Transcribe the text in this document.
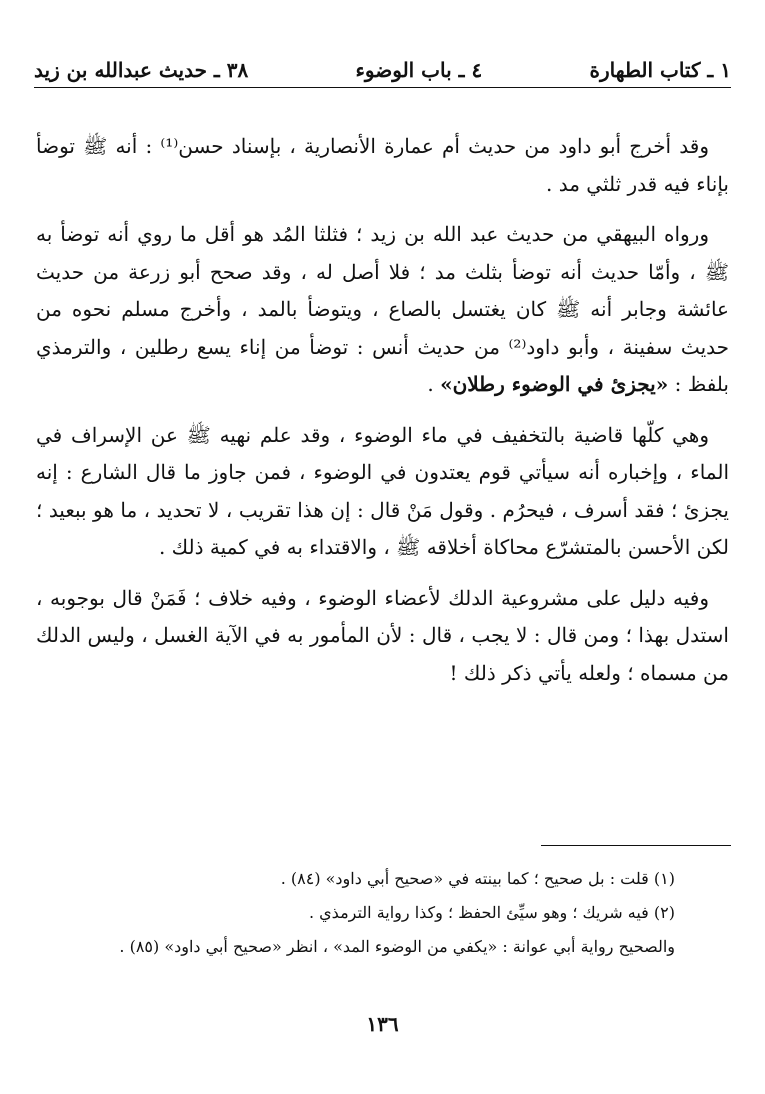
١ ـ كتاب الطهارة
٤ ـ باب الوضوء
٣٨ ـ حديث عبدالله بن زيد

وقد أخرج أبو داود من حديث أم عمارة الأنصارية ، بإسناد حسن⁽¹⁾ : أنه ﷺ توضأ بإناء فيه قدر ثلثي مد .

ورواه البيهقي من حديث عبد الله بن زيد ؛ فثلثا المُد هو أقل ما روي أنه توضأ به ﷺ ، وأمّا حديث أنه توضأ بثلث مد ؛ فلا أصل له ، وقد صحح أبو زرعة من حديث عائشة وجابر أنه ﷺ كان يغتسل بالصاع ، ويتوضأ بالمد ، وأخرج مسلم نحوه من حديث سفينة ، وأبو داود⁽²⁾ من حديث أنس : توضأ من إناء يسع رطلين ، والترمذي بلفظ : «يجزئ في الوضوء رطلان» .

وهي كلّها قاضية بالتخفيف في ماء الوضوء ، وقد علم نهيه ﷺ عن الإسراف في الماء ، وإخباره أنه سيأتي قوم يعتدون في الوضوء ، فمن جاوز ما قال الشارع : إنه يجزئ ؛ فقد أسرف ، فيحرُم . وقول مَنْ قال : إن هذا تقريب ، لا تحديد ، ما هو ببعيد ؛ لكن الأحسن بالمتشرّع محاكاة أخلاقه ﷺ ، والاقتداء به في كمية ذلك .

وفيه دليل على مشروعية الدلك لأعضاء الوضوء ، وفيه خلاف ؛ فَمَنْ قال بوجوبه ، استدل بهذا ؛ ومن قال : لا يجب ، قال : لأن المأمور به في الآية الغسل ، وليس الدلك من مسماه ؛ ولعله يأتي ذكر ذلك !

(١) قلت : بل صحيح ؛ كما بينته في «صحيح أبي داود» (٨٤) .
(٢) فيه شريك ؛ وهو سيِّئ الحفظ ؛ وكذا رواية الترمذي .
والصحيح رواية أبي عوانة : «يكفي من الوضوء المد» ، انظر «صحيح أبي داود» (٨٥) .
١٣٦
